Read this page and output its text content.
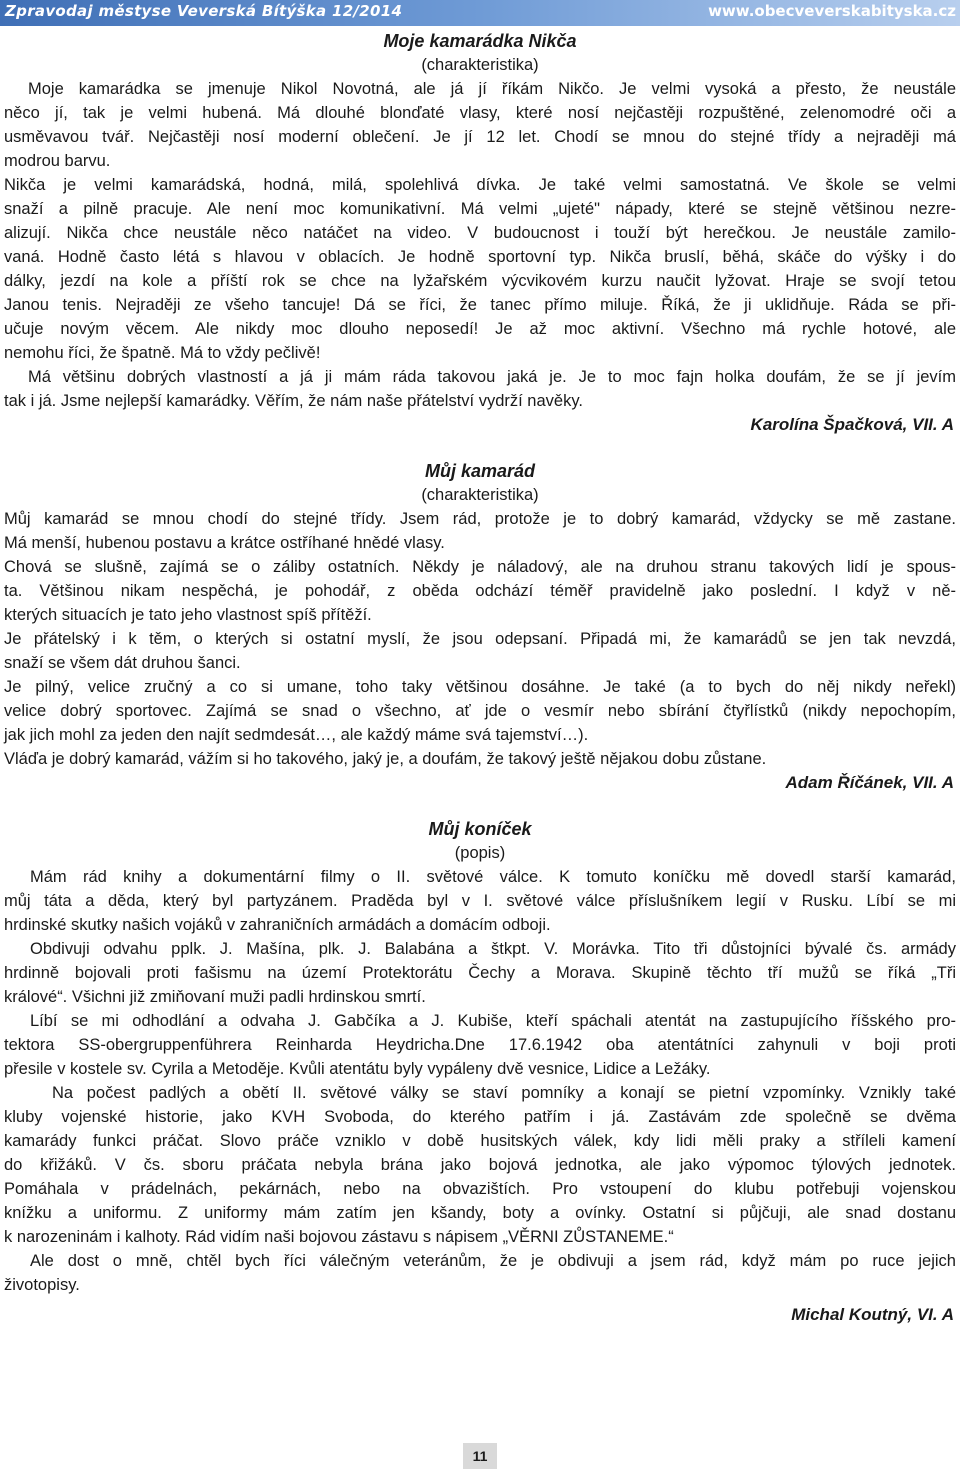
Zpravodaj městyse Veverská Bítýška 12/2014	www.obecveverskabityska.cz
Moje kamarádka Nikča
(charakteristika)
Moje kamarádka se jmenuje Nikol Novotná, ale já jí říkám Nikčo. Je velmi vysoká a přesto, že neustále
něco jí, tak je velmi hubená. Má dlouhé blonďaté vlasy, které nosí nejčastěji rozpuštěné, zelenomodré oči a
usměvavou tvář. Nejčastěji nosí moderní oblečení. Je jí 12 let. Chodí se mnou do stejné třídy a nejraději má
modrou barvu.
Nikča je velmi kamarádská, hodná, milá, spolehlivá dívka. Je také velmi samostatná. Ve škole se velmi
snaží a pilně pracuje. Ale není moc komunikativní. Má velmi „ujeté" nápady, které se stejně většinou nezre-
alizují. Nikča chce neustále něco natáčet na video. V budoucnost i touží být herečkou. Je neustále zamilo-
vaná. Hodně často létá s hlavou v oblacích. Je hodně sportovní typ. Nikča bruslí, běhá, skáče do výšky i do
dálky, jezdí na kole a příští rok se chce na lyžařském výcvikovém kurzu naučit lyžovat. Hraje se svojí tetou
Janou tenis. Nejraději ze všeho tancuje! Dá se říci, že tanec přímo miluje. Říká, že ji uklidňuje. Ráda se při-
učuje novým věcem. Ale nikdy moc dlouho neposedí! Je až moc aktivní. Všechno má rychle hotové, ale
nemohu říci, že špatně. Má to vždy pečlivě!
Má většinu dobrých vlastností a já ji mám ráda takovou jaká je. Je to moc fajn holka doufám, že se jí jevím
tak i já. Jsme nejlepší kamarádky. Věřím, že nám naše přátelství vydrží navěky.
Karolína Špačková, VII. A
Můj kamarád
(charakteristika)
Můj kamarád se mnou chodí do stejné třídy. Jsem rád, protože je to dobrý kamarád, vždycky se mě zastane.
Má menší, hubenou postavu a krátce ostříhané hnědé vlasy.
Chová se slušně, zajímá se o záliby ostatních. Někdy je náladový, ale na druhou stranu takových lidí je spous-
ta. Většinou nikam nespěchá, je pohodář, z oběda odchází téměř pravidelně jako poslední. I když v ně-
kterých situacích je tato jeho vlastnost spíš přítěží.
Je přátelský i k těm, o kterých si ostatní myslí, že jsou odepsaní. Připadá mi, že kamarádů se jen tak nevzdá,
snaží se všem dát druhou šanci.
Je pilný, velice zručný a co si umane, toho taky většinou dosáhne. Je také (a to bych do něj nikdy neřekl)
velice dobrý sportovec. Zajímá se snad o všechno, ať jde o vesmír nebo sbírání čtyřlístků (nikdy nepochopím,
jak jich mohl za jeden den najít sedmdesát…, ale každý máme svá tajemství…).
Vláďa je dobrý kamarád, vážím si ho takového, jaký je, a doufám, že takový ještě nějakou dobu zůstane.
Adam Říčánek, VII. A
Můj koníček
(popis)
Mám rád knihy a dokumentární filmy o II. světové válce. K tomuto koníčku mě dovedl starší kamarád,
můj táta a děda, který byl partyzánem. Praděda byl v I. světové válce příslušníkem legií v Rusku. Líbí se mi
hrdinské skutky našich vojáků v zahraničních armádách a domácím odboji.
Obdivuji odvahu pplk. J. Mašína, plk. J. Balabána a štkpt. V. Morávka. Tito tři důstojníci bývalé čs. armády
hrdinně bojovali proti fašismu na území Protektorátu Čechy a Morava. Skupině těchto tří mužů se říká „Tři
králové“. Všichni již zmiňovaní muži padli hrdinskou smrtí.
Líbí se mi odhodlání a odvaha J. Gabčíka a J. Kubiše, kteří spáchali atentát na zastupujícího říšského pro-
tektora SS-obergruppenführera Reinharda Heydricha.Dne 17.6.1942 oba atentátníci zahynuli v boji proti
přesile v kostele sv. Cyrila a Metoděje. Kvůli atentátu byly vypáleny dvě vesnice, Lidice a Ležáky.
Na počest padlých a obětí II. světové války se staví pomníky a konají se pietní vzpomínky. Vznikly také
kluby vojenské historie, jako KVH Svoboda, do kterého patřím i já. Zastávám zde společně se dvěma
kamarády funkci práčat. Slovo práče vzniklo v době husitských válek, kdy lidi měli praky a stříleli kamení
do křižáků. V čs. sboru práčata nebyla brána jako bojová jednotka, ale jako výpomoc týlových jednotek.
Pomáhala v prádelnách, pekárnách, nebo na obvazištích. Pro vstoupení do klubu potřebuji vojenskou
knížku a uniformu. Z uniformy mám zatím jen kšandy, boty a ovínky. Ostatní si půjčuji, ale snad dostanu
k narozeninám i kalhoty. Rád vidím naši bojovou zástavu s nápisem „VĚRNI ZŮSTANEME.“
Ale dost o mně, chtěl bych říci válečným veteránům, že je obdivuji a jsem rád, když mám po ruce jejich
životopisy.
Michal Koutný, VI. A
11
